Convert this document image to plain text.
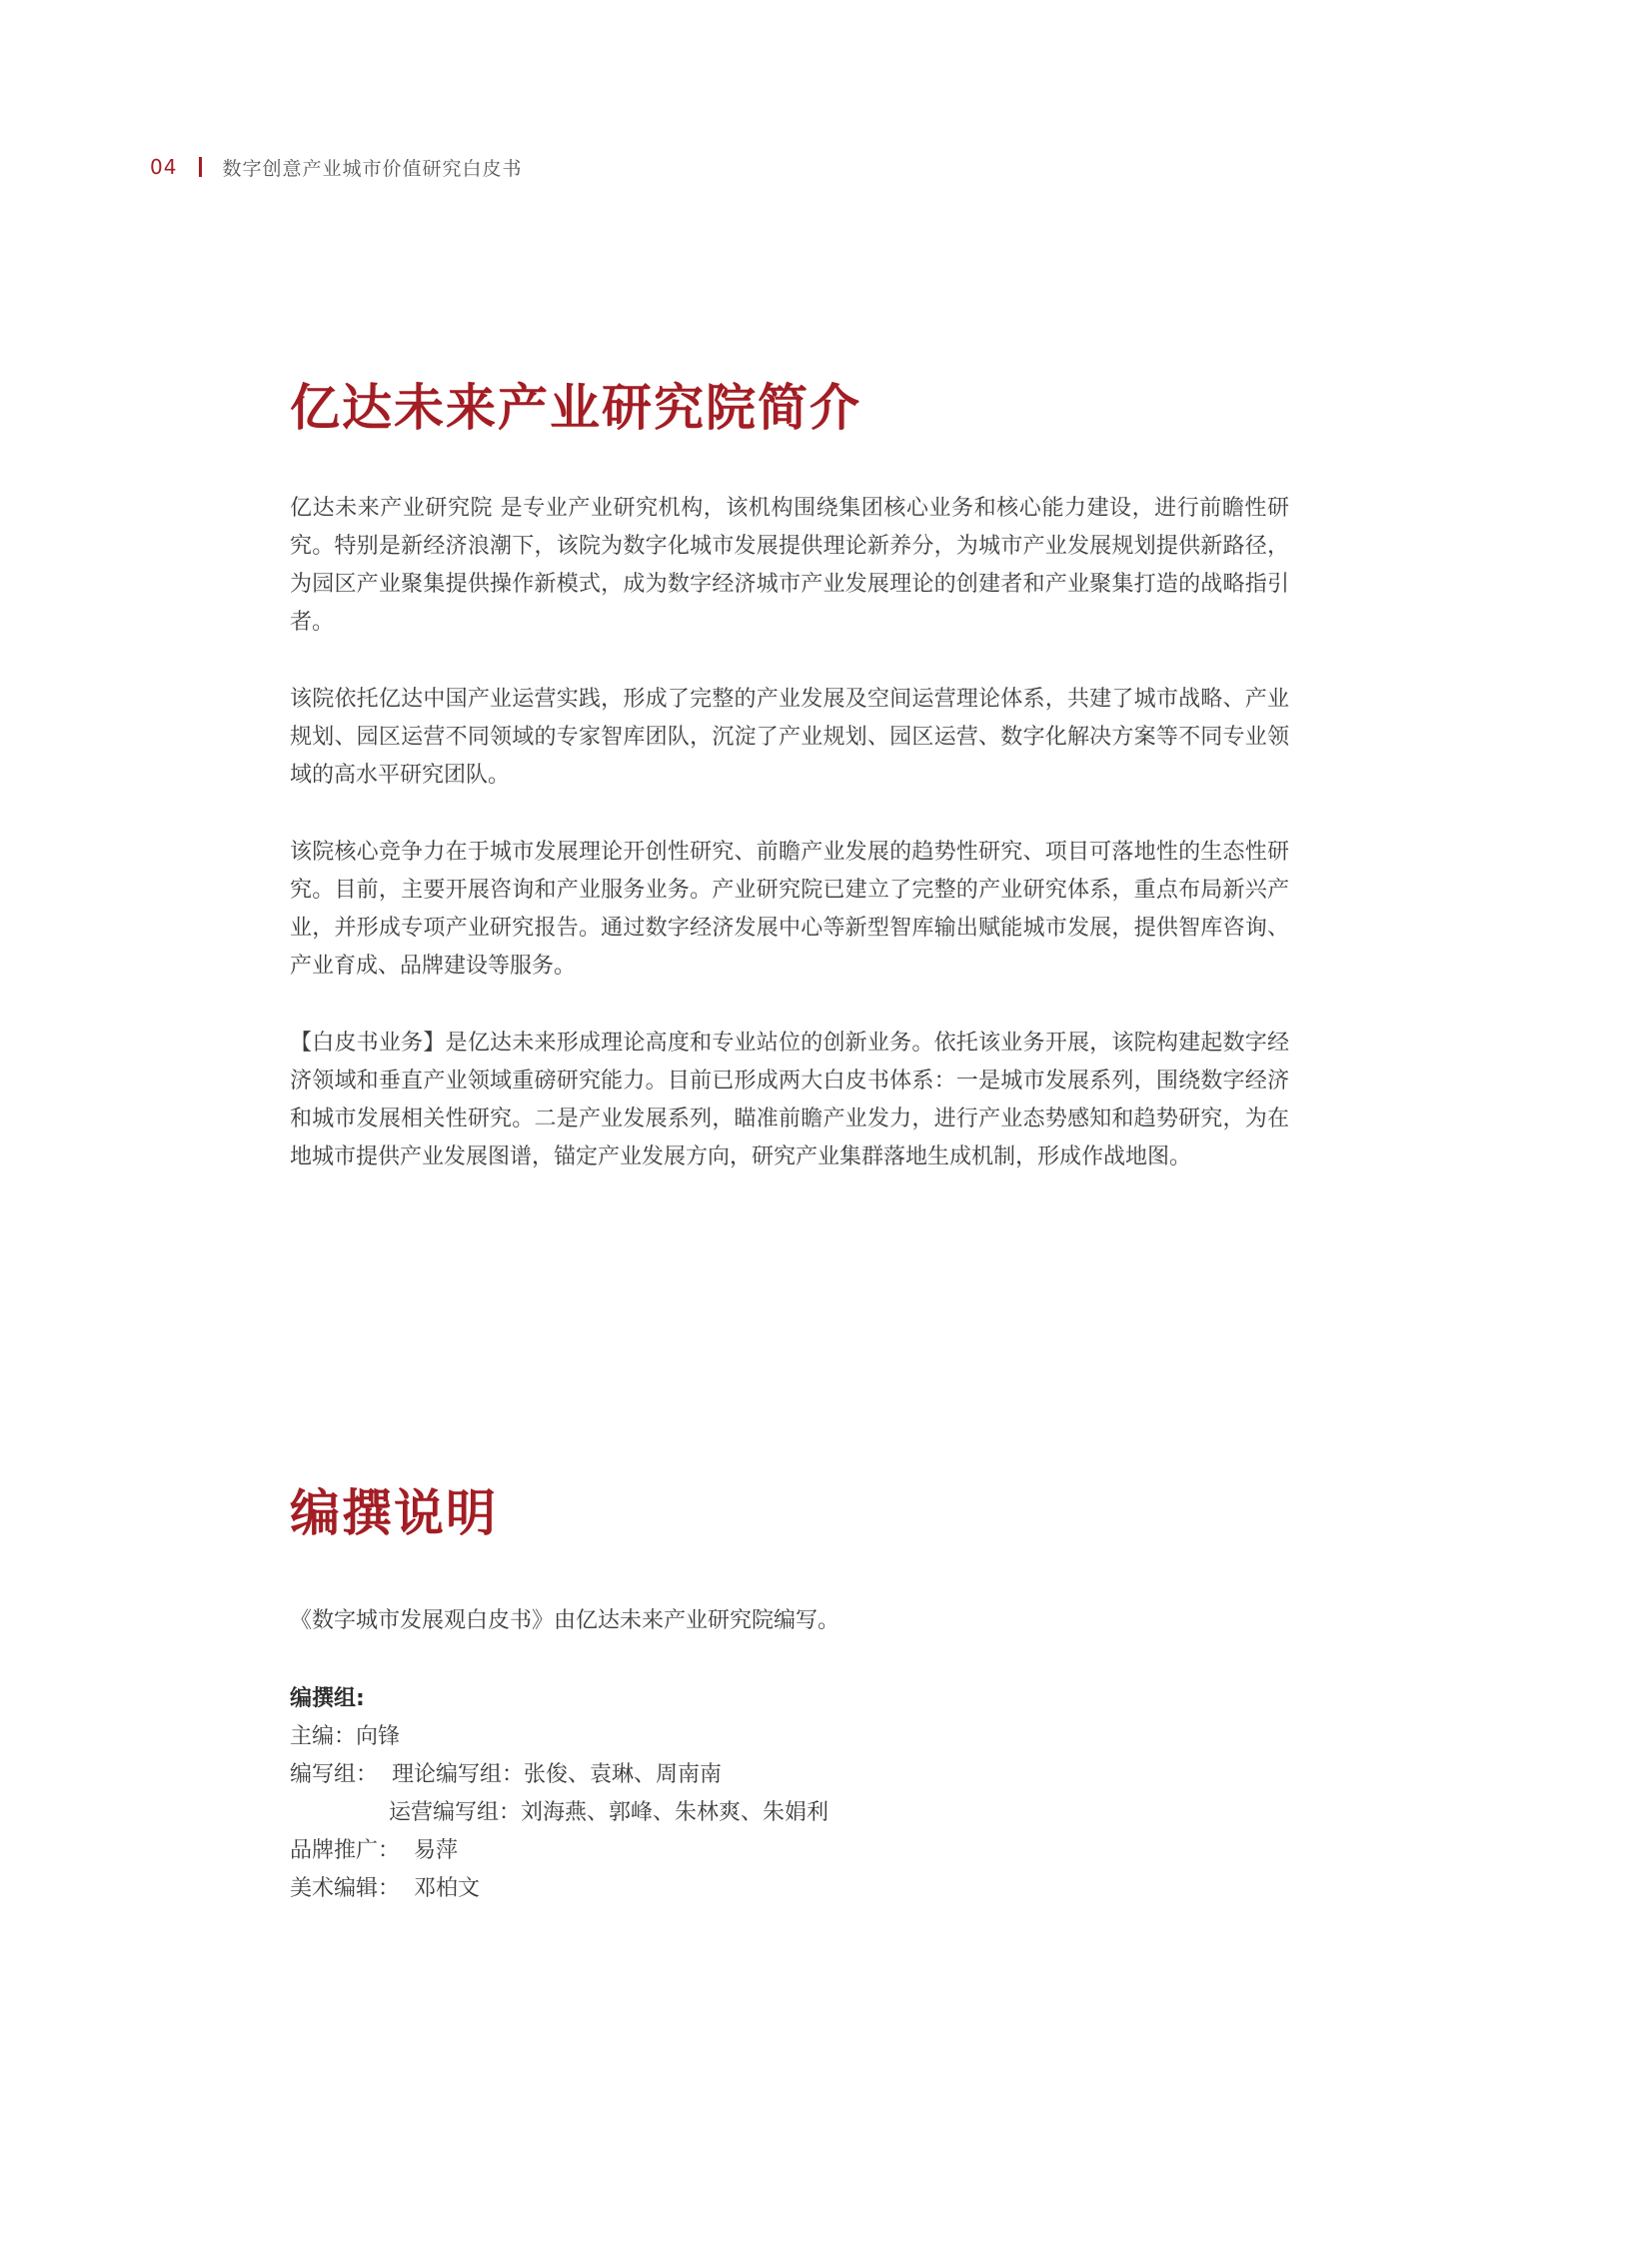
04 数字创意产业城市价值研究白皮书
亿达未来产业研究院简介

亿达未来产业研究院 是专业产业研究机构，该机构围绕集团核心业务和核心能力建设，进行前瞻性研究。特别是新经济浪潮下，该院为数字化城市发展提供理论新养分，为城市产业发展规划提供新路径，为园区产业聚集提供操作新模式，成为数字经济城市产业发展理论的创建者和产业聚集打造的战略指引者。

该院依托亿达中国产业运营实践，形成了完整的产业发展及空间运营理论体系，共建了城市战略、产业规划、园区运营不同领域的专家智库团队，沉淀了产业规划、园区运营、数字化解决方案等不同专业领域的高水平研究团队。

该院核心竞争力在于城市发展理论开创性研究、前瞻产业发展的趋势性研究、项目可落地性的生态性研究。目前，主要开展咨询和产业服务业务。产业研究院已建立了完整的产业研究体系，重点布局新兴产业，并形成专项产业研究报告。通过数字经济发展中心等新型智库输出赋能城市发展，提供智库咨询、产业育成、品牌建设等服务。

【白皮书业务】是亿达未来形成理论高度和专业站位的创新业务。依托该业务开展，该院构建起数字经济领域和垂直产业领域重磅研究能力。目前已形成两大白皮书体系：一是城市发展系列，围绕数字经济和城市发展相关性研究。二是产业发展系列，瞄准前瞻产业发力，进行产业态势感知和趋势研究，为在地城市提供产业发展图谱，锚定产业发展方向，研究产业集群落地生成机制，形成作战地图。

编撰说明

《数字城市发展观白皮书》由亿达未来产业研究院编写。

编撰组:
主编：向锋
编写组：  理论编写组：张俊、袁琳、周南南
运营编写组：刘海燕、郭峰、朱林爽、朱娟利
品牌推广：  易萍
美术编辑：  邓柏文
